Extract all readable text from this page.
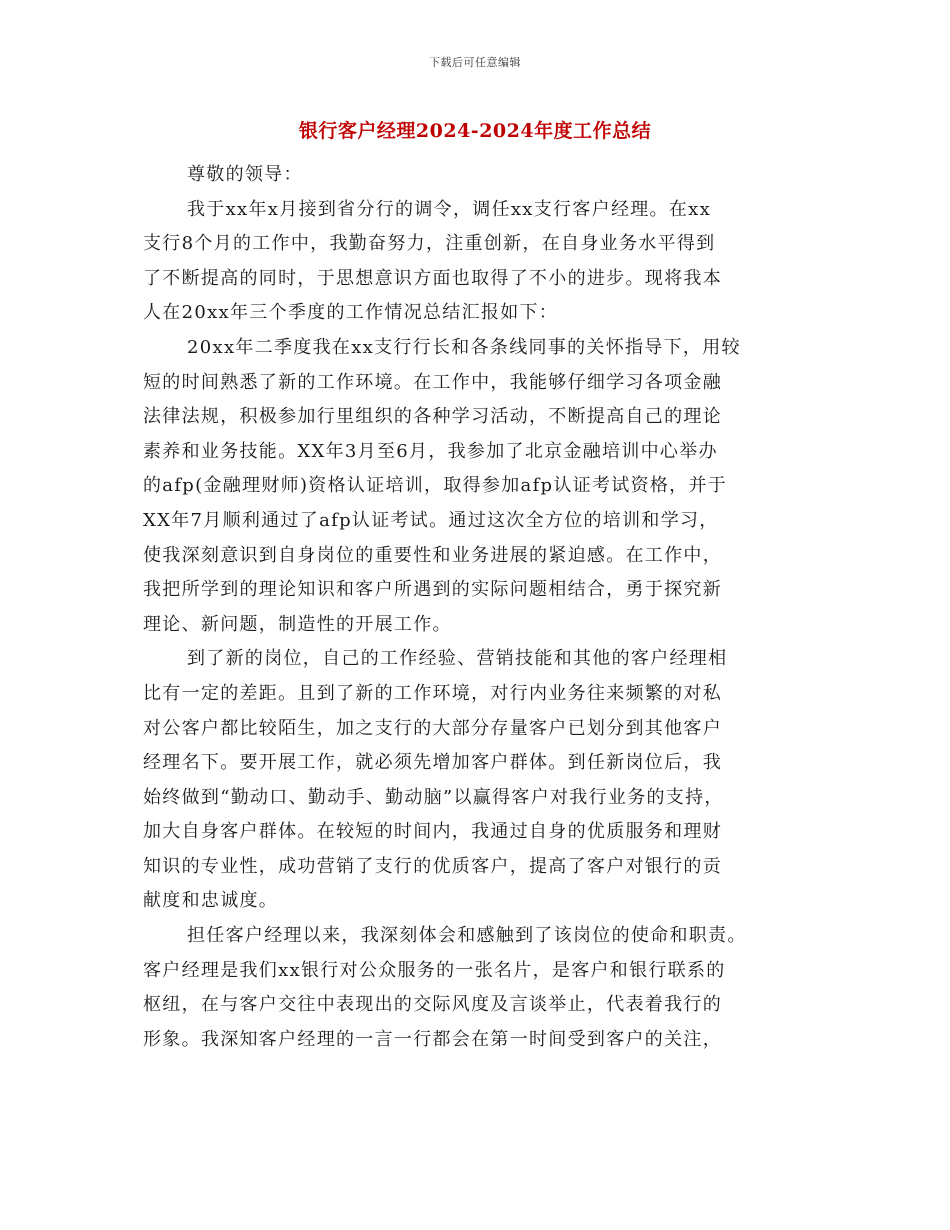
下载后可任意编辑
银行客户经理2024-2024年度工作总结
尊敬的领导：
我于xx年x月接到省分行的调令，调任xx支行客户经理。在xx
支行8个月的工作中，我勤奋努力，注重创新，在自身业务水平得到
了不断提高的同时，于思想意识方面也取得了不小的进步。现将我本
人在20xx年三个季度的工作情况总结汇报如下：
20xx年二季度我在xx支行行长和各条线同事的关怀指导下，用较
短的时间熟悉了新的工作环境。在工作中，我能够仔细学习各项金融
法律法规，积极参加行里组织的各种学习活动，不断提高自己的理论
素养和业务技能。XX年3月至6月，我参加了北京金融培训中心举办
的afp(金融理财师)资格认证培训，取得参加afp认证考试资格，并于
XX年7月顺利通过了afp认证考试。通过这次全方位的培训和学习，
使我深刻意识到自身岗位的重要性和业务进展的紧迫感。在工作中，
我把所学到的理论知识和客户所遇到的实际问题相结合，勇于探究新
理论、新问题，制造性的开展工作。
到了新的岗位，自己的工作经验、营销技能和其他的客户经理相
比有一定的差距。且到了新的工作环境，对行内业务往来频繁的对私
对公客户都比较陌生，加之支行的大部分存量客户已划分到其他客户
经理名下。要开展工作，就必须先增加客户群体。到任新岗位后，我
始终做到“勤动口、勤动手、勤动脑”以赢得客户对我行业务的支持，
加大自身客户群体。在较短的时间内，我通过自身的优质服务和理财
知识的专业性，成功营销了支行的优质客户，提高了客户对银行的贡
献度和忠诚度。
担任客户经理以来，我深刻体会和感触到了该岗位的使命和职责。
客户经理是我们xx银行对公众服务的一张名片，是客户和银行联系的
枢纽，在与客户交往中表现出的交际风度及言谈举止，代表着我行的
形象。我深知客户经理的一言一行都会在第一时间受到客户的关注，
